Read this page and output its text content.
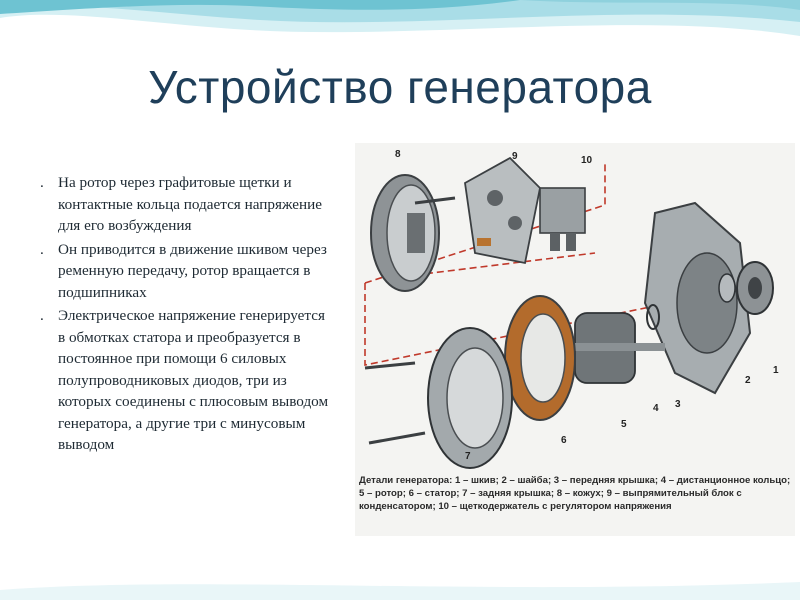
Устройство генератора
. На ротор через графитовые щетки и контактные кольца подается напряжение для его возбуждения
. Он приводится в движение шкивом через ременную передачу, ротор вращается в подшипниках
. Электрическое напряжение генерируется в обмотках статора и преобразуется в постоянное при помощи 6 силовых полупроводниковых диодов, три из которых соединены с плюсовым выводом генератора, а другие три с минусовым выводом
8	9	10
1
2
3
4
5
6
7
Детали генератора: 1 – шкив; 2 – шайба; 3 – передняя крышка; 4 – дистанционное кольцо; 5 – ротор; 6 – статор; 7 – задняя крышка; 8 – кожух; 9 – выпрямительный блок с конденсатором; 10 – щеткодержатель с регулятором напряжения
